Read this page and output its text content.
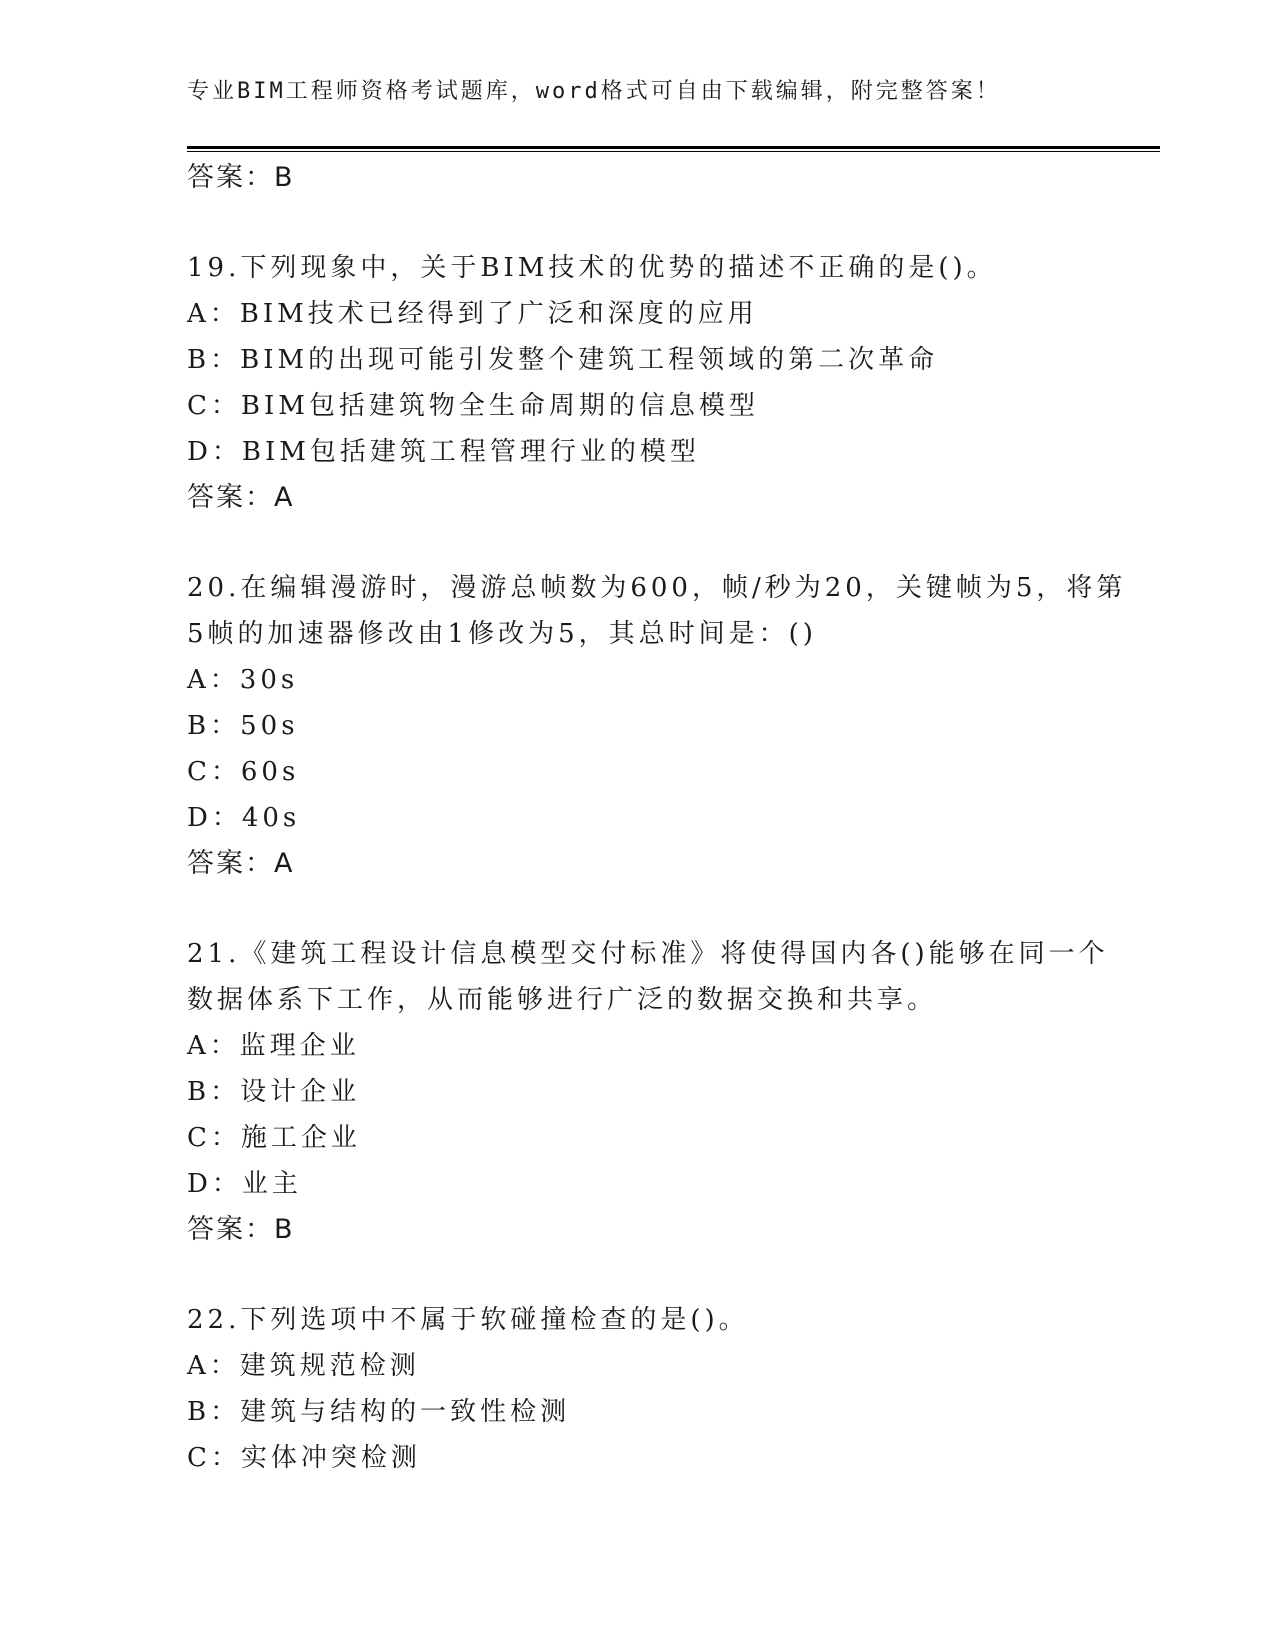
专业BIM工程师资格考试题库，word格式可自由下载编辑，附完整答案！
答案：B
19.下列现象中，关于BIM技术的优势的描述不正确的是()。
A：BIM技术已经得到了广泛和深度的应用
B：BIM的出现可能引发整个建筑工程领域的第二次革命
C：BIM包括建筑物全生命周期的信息模型
D：BIM包括建筑工程管理行业的模型
答案：A
20.在编辑漫游时，漫游总帧数为600，帧/秒为20，关键帧为5，将第
5帧的加速器修改由1修改为5，其总时间是：()
A：30s
B：50s
C：60s
D：40s
答案：A
21.《建筑工程设计信息模型交付标准》将使得国内各()能够在同一个
数据体系下工作，从而能够进行广泛的数据交换和共享。
A：监理企业
B：设计企业
C：施工企业
D：业主
答案：B
22.下列选项中不属于软碰撞检查的是()。
A：建筑规范检测
B：建筑与结构的一致性检测
C：实体冲突检测
